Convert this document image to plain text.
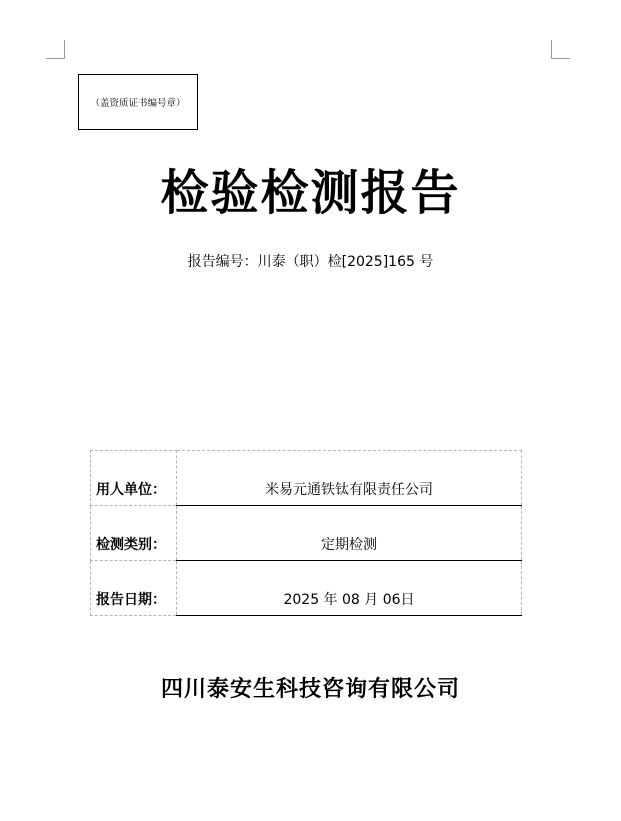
（盖资质证书编号章）
检验检测报告
报告编号：川泰（职）检[2025]165 号
用人单位：	米易元通铁钛有限责任公司
检测类别：	定期检测
报告日期：	2025 年 08 月 06日
四川泰安生科技咨询有限公司
